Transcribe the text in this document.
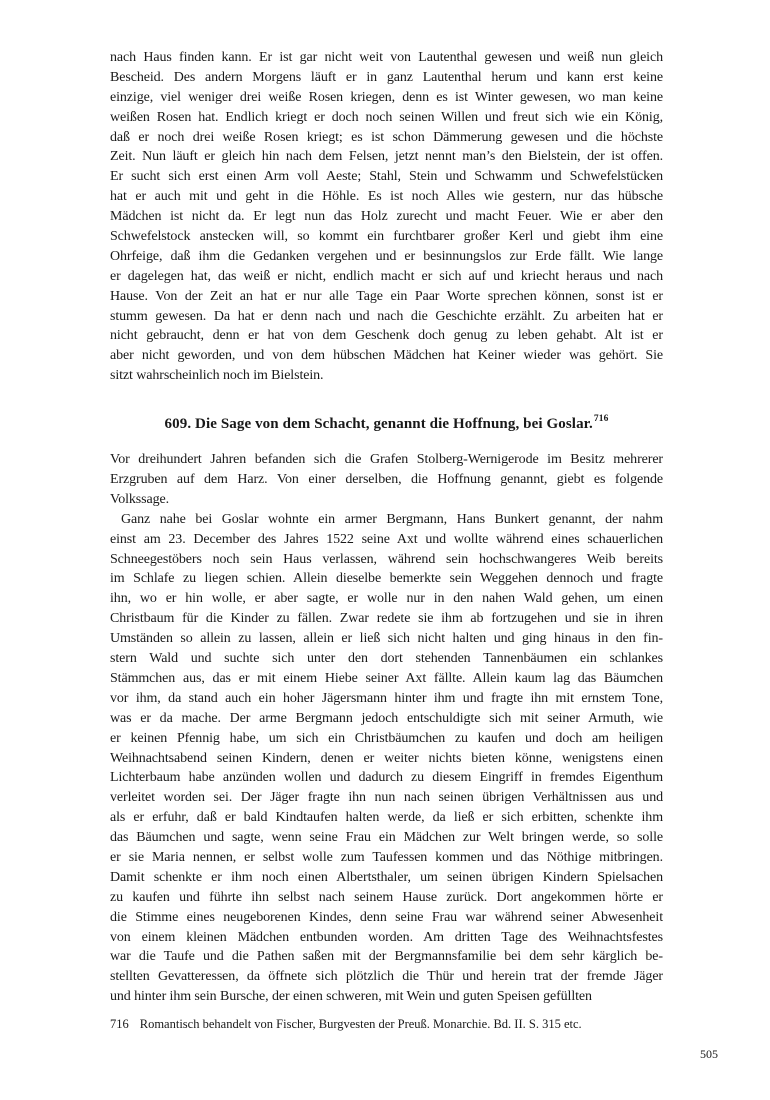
nach Haus finden kann. Er ist gar nicht weit von Lautenthal gewesen und weiß nun gleich
Bescheid. Des andern Morgens läuft er in ganz Lautenthal herum und kann erst keine
einzige, viel weniger drei weiße Rosen kriegen, denn es ist Winter gewesen, wo man keine
weißen Rosen hat. Endlich kriegt er doch noch seinen Willen und freut sich wie ein König,
daß er noch drei weiße Rosen kriegt; es ist schon Dämmerung gewesen und die höchste
Zeit. Nun läuft er gleich hin nach dem Felsen, jetzt nennt man’s den Bielstein, der ist offen.
Er sucht sich erst einen Arm voll Aeste; Stahl, Stein und Schwamm und Schwefelstücken
hat er auch mit und geht in die Höhle. Es ist noch Alles wie gestern, nur das hübsche
Mädchen ist nicht da. Er legt nun das Holz zurecht und macht Feuer. Wie er aber den
Schwefelstock anstecken will, so kommt ein furchtbarer großer Kerl und giebt ihm eine
Ohrfeige, daß ihm die Gedanken vergehen und er besinnungslos zur Erde fällt. Wie lange
er dagelegen hat, das weiß er nicht, endlich macht er sich auf und kriecht heraus und nach
Hause. Von der Zeit an hat er nur alle Tage ein Paar Worte sprechen können, sonst ist er
stumm gewesen. Da hat er denn nach und nach die Geschichte erzählt. Zu arbeiten hat er
nicht gebraucht, denn er hat von dem Geschenk doch genug zu leben gehabt. Alt ist er
aber nicht geworden, und von dem hübschen Mädchen hat Keiner wieder was gehört. Sie
sitzt wahrscheinlich noch im Bielstein.
609. Die Sage von dem Schacht, genannt die Hoffnung, bei Goslar.$^{716}$
Vor dreihundert Jahren befanden sich die Grafen Stolberg-Wernigerode im Besitz mehrerer
Erzgruben auf dem Harz. Von einer derselben, die Hoffnung genannt, giebt es folgende
Volkssage.
Ganz nahe bei Goslar wohnte ein armer Bergmann, Hans Bunkert genannt, der nahm
einst am 23. December des Jahres 1522 seine Axt und wollte während eines schauerlichen
Schneegestöbers noch sein Haus verlassen, während sein hochschwangeres Weib bereits
im Schlafe zu liegen schien. Allein dieselbe bemerkte sein Weggehen dennoch und fragte
ihn, wo er hin wolle, er aber sagte, er wolle nur in den nahen Wald gehen, um einen
Christbaum für die Kinder zu fällen. Zwar redete sie ihm ab fortzugehen und sie in ihren
Umständen so allein zu lassen, allein er ließ sich nicht halten und ging hinaus in den fin-
stern Wald und suchte sich unter den dort stehenden Tannenbäumen ein schlankes
Stämmchen aus, das er mit einem Hiebe seiner Axt fällte. Allein kaum lag das Bäumchen
vor ihm, da stand auch ein hoher Jägersmann hinter ihm und fragte ihn mit ernstem Tone,
was er da mache. Der arme Bergmann jedoch entschuldigte sich mit seiner Armuth, wie
er keinen Pfennig habe, um sich ein Christbäumchen zu kaufen und doch am heiligen
Weihnachtsabend seinen Kindern, denen er weiter nichts bieten könne, wenigstens einen
Lichterbaum habe anzünden wollen und dadurch zu diesem Eingriff in fremdes Eigenthum
verleitet worden sei. Der Jäger fragte ihn nun nach seinen übrigen Verhältnissen aus und
als er erfuhr, daß er bald Kindtaufen halten werde, da ließ er sich erbitten, schenkte ihm
das Bäumchen und sagte, wenn seine Frau ein Mädchen zur Welt bringen werde, so solle
er sie Maria nennen, er selbst wolle zum Taufessen kommen und das Nöthige mitbringen.
Damit schenkte er ihm noch einen Albertsthaler, um seinen übrigen Kindern Spielsachen
zu kaufen und führte ihn selbst nach seinem Hause zurück. Dort angekommen hörte er
die Stimme eines neugeborenen Kindes, denn seine Frau war während seiner Abwesenheit
von einem kleinen Mädchen entbunden worden. Am dritten Tage des Weihnachtsfestes
war die Taufe und die Pathen saßen mit der Bergmannsfamilie bei dem sehr kärglich be-
stellten Gevatteressen, da öffnete sich plötzlich die Thür und herein trat der fremde Jäger
und hinter ihm sein Bursche, der einen schweren, mit Wein und guten Speisen gefüllten
716 Romantisch behandelt von Fischer, Burgvesten der Preuß. Monarchie. Bd. II. S. 315 etc.
505
